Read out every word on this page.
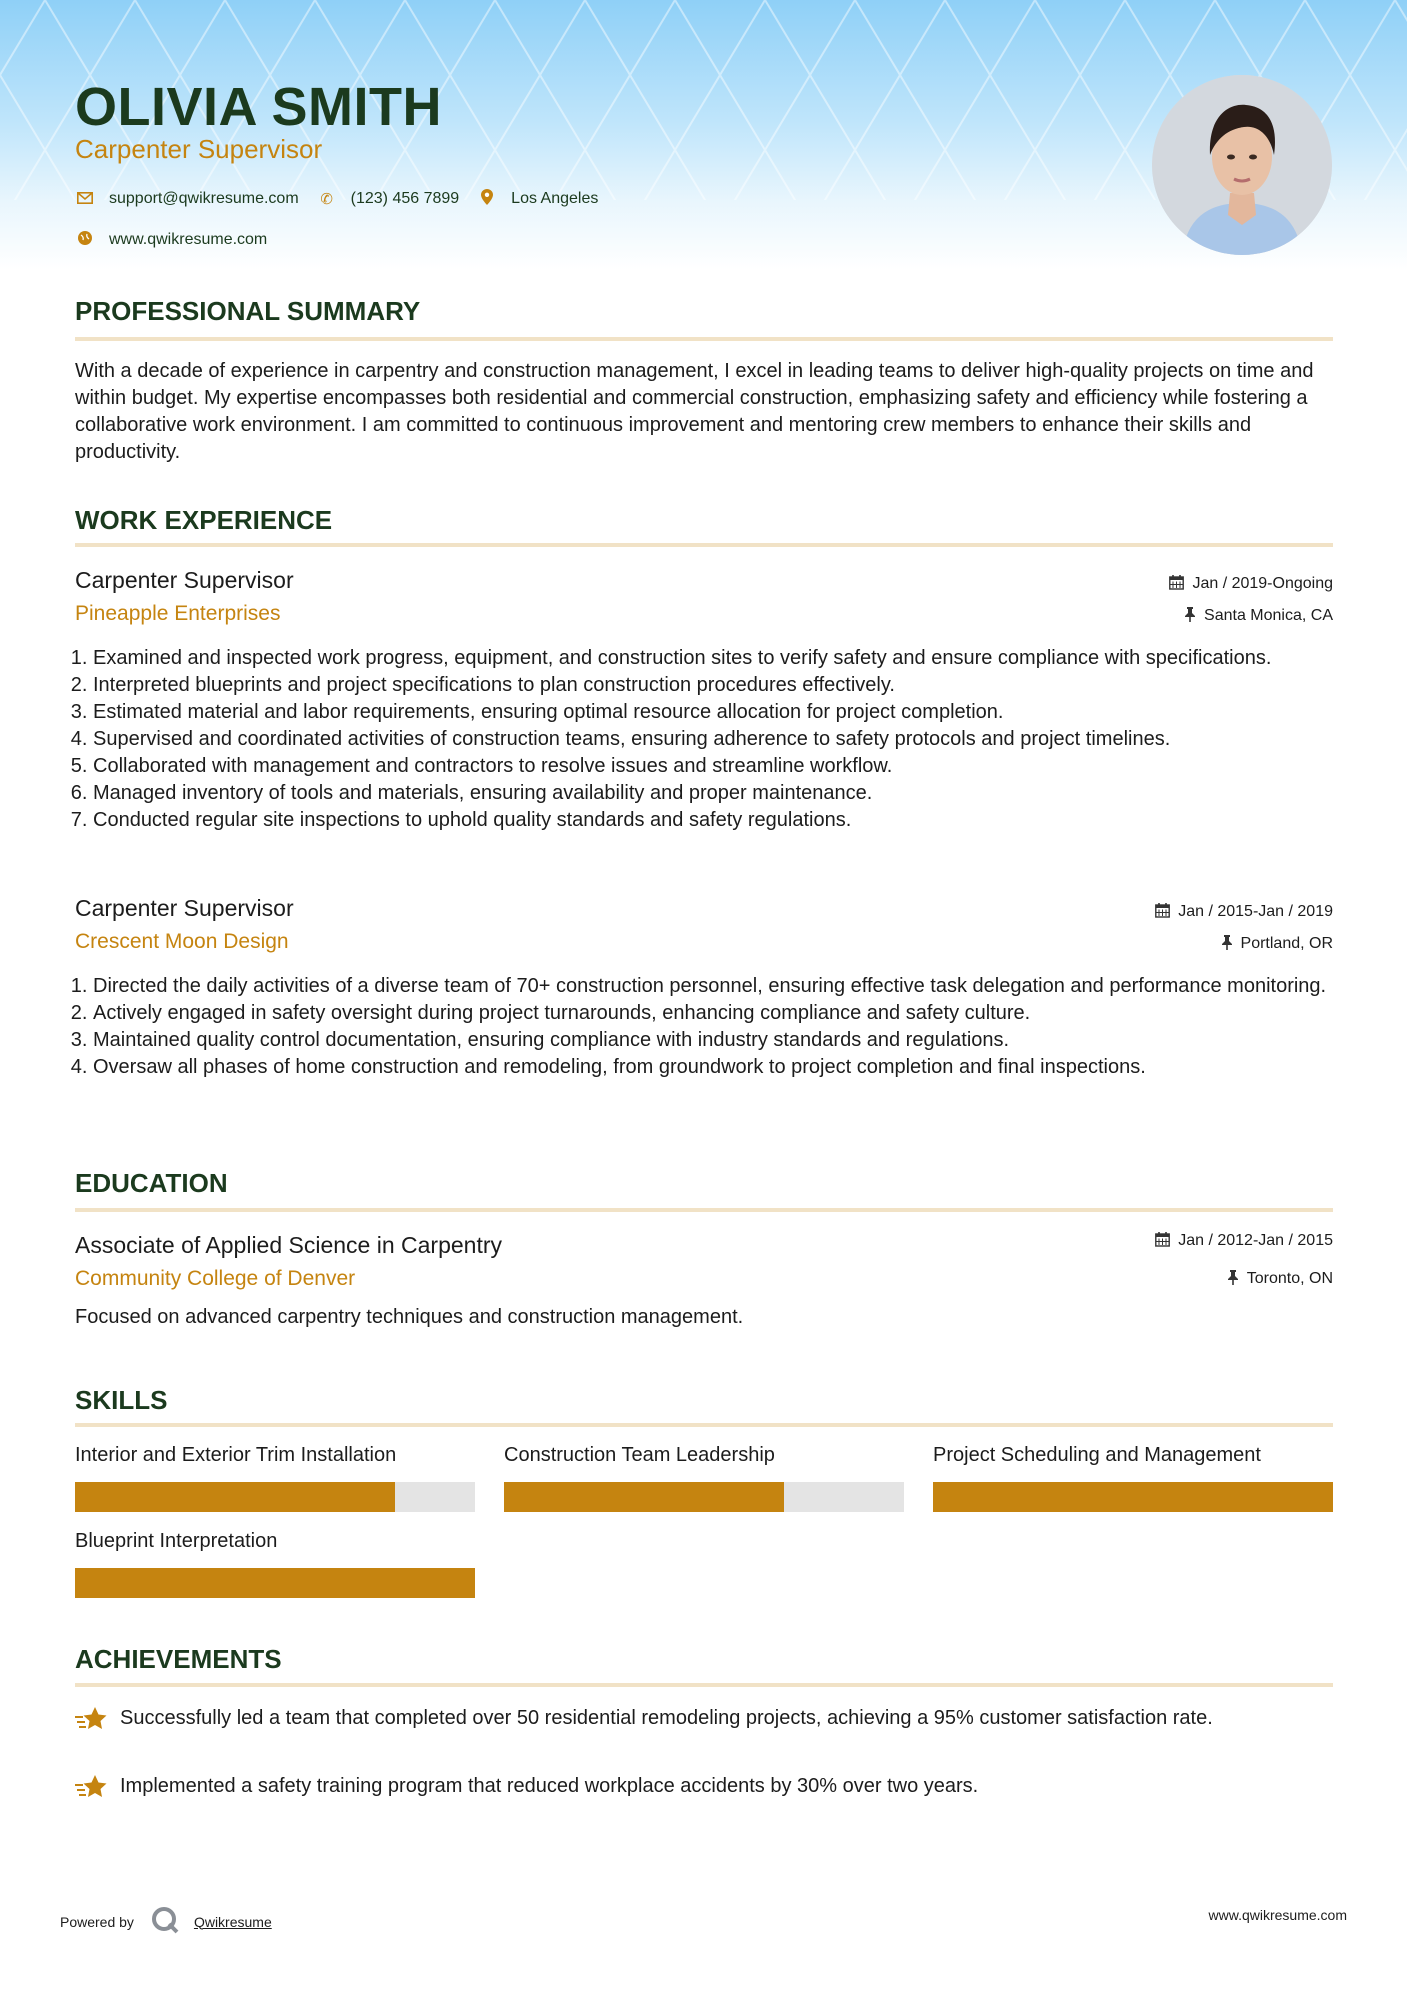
OLIVIA SMITH
Carpenter Supervisor
support@qwikresume.com ✆ (123) 456 7899	Los Angeles
www.qwikresume.com
PROFESSIONAL SUMMARY
With a decade of experience in carpentry and construction management, I excel in leading teams to deliver high-quality projects on time and within budget. My expertise encompasses both residential and commercial construction, emphasizing safety and efficiency while fostering a collaborative work environment. I am committed to continuous improvement and mentoring crew members to enhance their skills and productivity.
WORK EXPERIENCE
Carpenter Supervisor
Pineapple Enterprises
Jan / 2019-Ongoing
Santa Monica, CA
1. Examined and inspected work progress, equipment, and construction sites to verify safety and ensure compliance with specifications.
2. Interpreted blueprints and project specifications to plan construction procedures effectively.
3. Estimated material and labor requirements, ensuring optimal resource allocation for project completion.
4. Supervised and coordinated activities of construction teams, ensuring adherence to safety protocols and project timelines.
5. Collaborated with management and contractors to resolve issues and streamline workflow.
6. Managed inventory of tools and materials, ensuring availability and proper maintenance.
7. Conducted regular site inspections to uphold quality standards and safety regulations.
Carpenter Supervisor
Crescent Moon Design
Jan / 2015-Jan / 2019
Portland, OR
1. Directed the daily activities of a diverse team of 70+ construction personnel, ensuring effective task delegation and performance monitoring.
2. Actively engaged in safety oversight during project turnarounds, enhancing compliance and safety culture.
3. Maintained quality control documentation, ensuring compliance with industry standards and regulations.
4. Oversaw all phases of home construction and remodeling, from groundwork to project completion and final inspections.
EDUCATION
Associate of Applied Science in Carpentry
Community College of Denver
Jan / 2012-Jan / 2015
Toronto, ON
Focused on advanced carpentry techniques and construction management.
SKILLS
Interior and Exterior Trim Installation	Construction Team Leadership	Project Scheduling and Management
Blueprint Interpretation
ACHIEVEMENTS
Successfully led a team that completed over 50 residential remodeling projects, achieving a 95% customer satisfaction rate.
Implemented a safety training program that reduced workplace accidents by 30% over two years.
Powered by	Qwikresume	www.qwikresume.com
